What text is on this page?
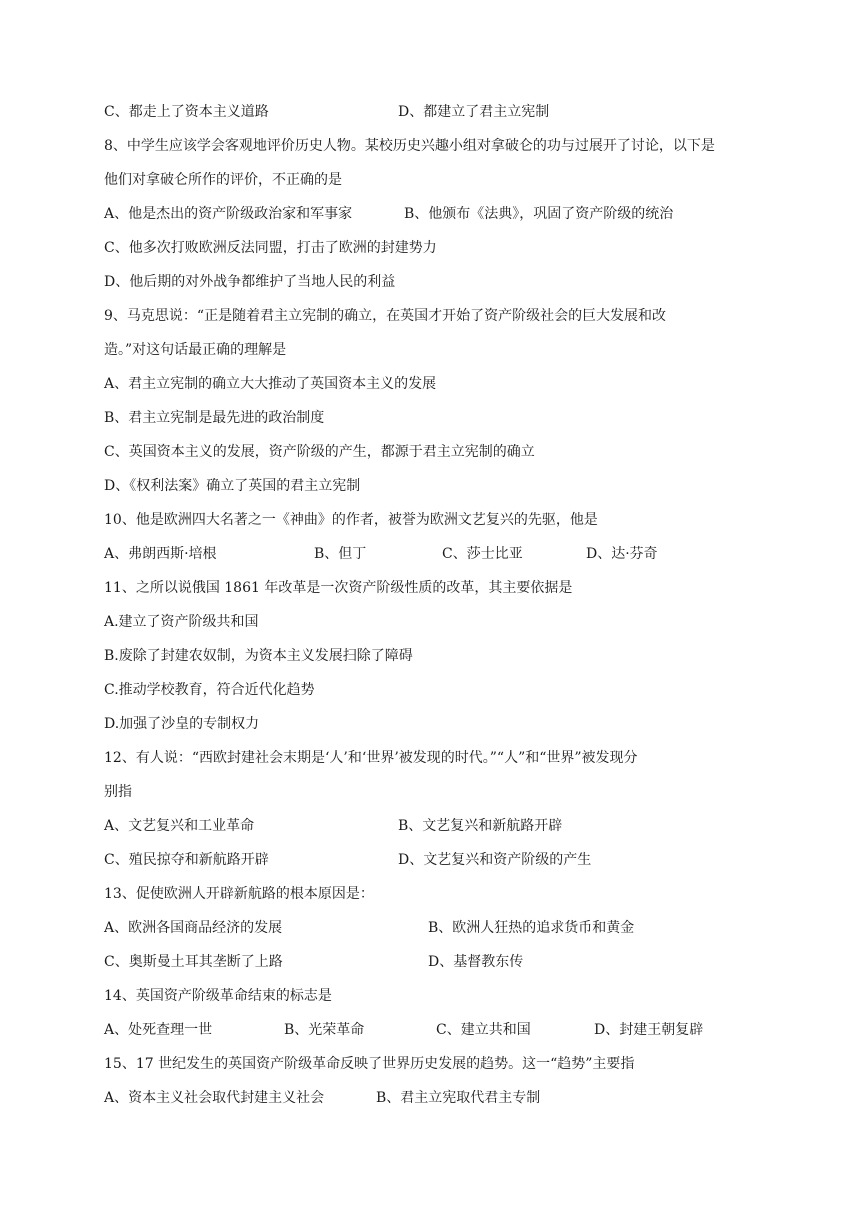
C、都走上了资本主义道路	D、都建立了君主立宪制
8、中学生应该学会客观地评价历史人物。某校历史兴趣小组对拿破仑的功与过展开了讨论，以下是
他们对拿破仑所作的评价，不正确的是
A、他是杰出的资产阶级政治家和军事家	B、他颁布《法典》，巩固了资产阶级的统治
C、他多次打败欧洲反法同盟，打击了欧洲的封建势力
D、他后期的对外战争都维护了当地人民的利益
9、马克思说：“正是随着君主立宪制的确立，在英国才开始了资产阶级社会的巨大发展和改
造。”对这句话最正确的理解是
A、君主立宪制的确立大大推动了英国资本主义的发展
B、君主立宪制是最先进的政治制度
C、英国资本主义的发展，资产阶级的产生，都源于君主立宪制的确立
D、《权利法案》确立了英国的君主立宪制
10、他是欧洲四大名著之一《神曲》的作者，被誉为欧洲文艺复兴的先驱，他是
A、弗朗西斯·培根	B、但丁	C、莎士比亚	D、达·芬奇
11、之所以说俄国 1861 年改革是一次资产阶级性质的改革，其主要依据是
A.建立了资产阶级共和国
B.废除了封建农奴制，为资本主义发展扫除了障碍
C.推动学校教育，符合近代化趋势
D.加强了沙皇的专制权力
12、有人说：“西欧封建社会末期是‘人’和‘世界’被发现的时代。”“人”和“世界”被发现分
别指
A、文艺复兴和工业革命	B、文艺复兴和新航路开辟
C、殖民掠夺和新航路开辟	D、文艺复兴和资产阶级的产生
13、促使欧洲人开辟新航路的根本原因是：
A、欧洲各国商品经济的发展	B、欧洲人狂热的追求货币和黄金
C、奥斯曼土耳其垄断了上路	D、基督教东传
14、英国资产阶级革命结束的标志是
A、处死查理一世	B、光荣革命	C、建立共和国	D、封建王朝复辟
15、17 世纪发生的英国资产阶级革命反映了世界历史发展的趋势。这一“趋势”主要指
A、资本主义社会取代封建主义社会	B、君主立宪取代君主专制
